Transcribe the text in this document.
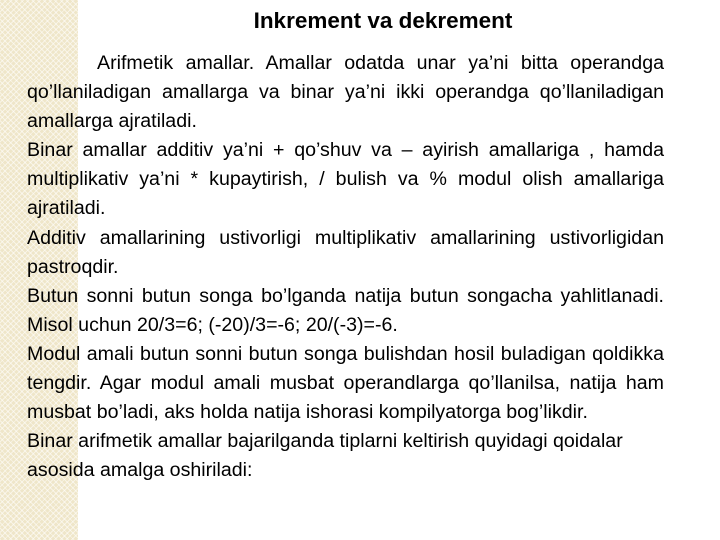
Inkrement va dekrement

Arifmetik amallar. Amallar odatda unar ya’ni bitta operandga qo’llaniladigan amallarga va binar ya’ni ikki operandga qo’llaniladigan amallarga ajratiladi.

Binar amallar additiv ya’ni + qo’shuv va – ayirish amallariga , hamda multiplikativ ya’ni * kupaytirish, / bulish va % modul olish amallariga ajratiladi.

Additiv amallarining ustivorligi multiplikativ amallarining ustivorligidan pastroqdir.

Butun sonni butun songa bo’lganda natija butun songacha yahlitlanadi. Misol uchun 20/3=6; (-20)/3=-6; 20/(-3)=-6.

Modul amali butun sonni butun songa bulishdan hosil buladigan qoldikka tengdir. Agar modul amali musbat operandlarga qo’llanilsa, natija ham musbat bo’ladi, aks holda natija ishorasi kompilyatorga bog’likdir.

Binar arifmetik amallar bajarilganda tiplarni keltirish quyidagi qoidalar asosida amalga oshiriladi:
